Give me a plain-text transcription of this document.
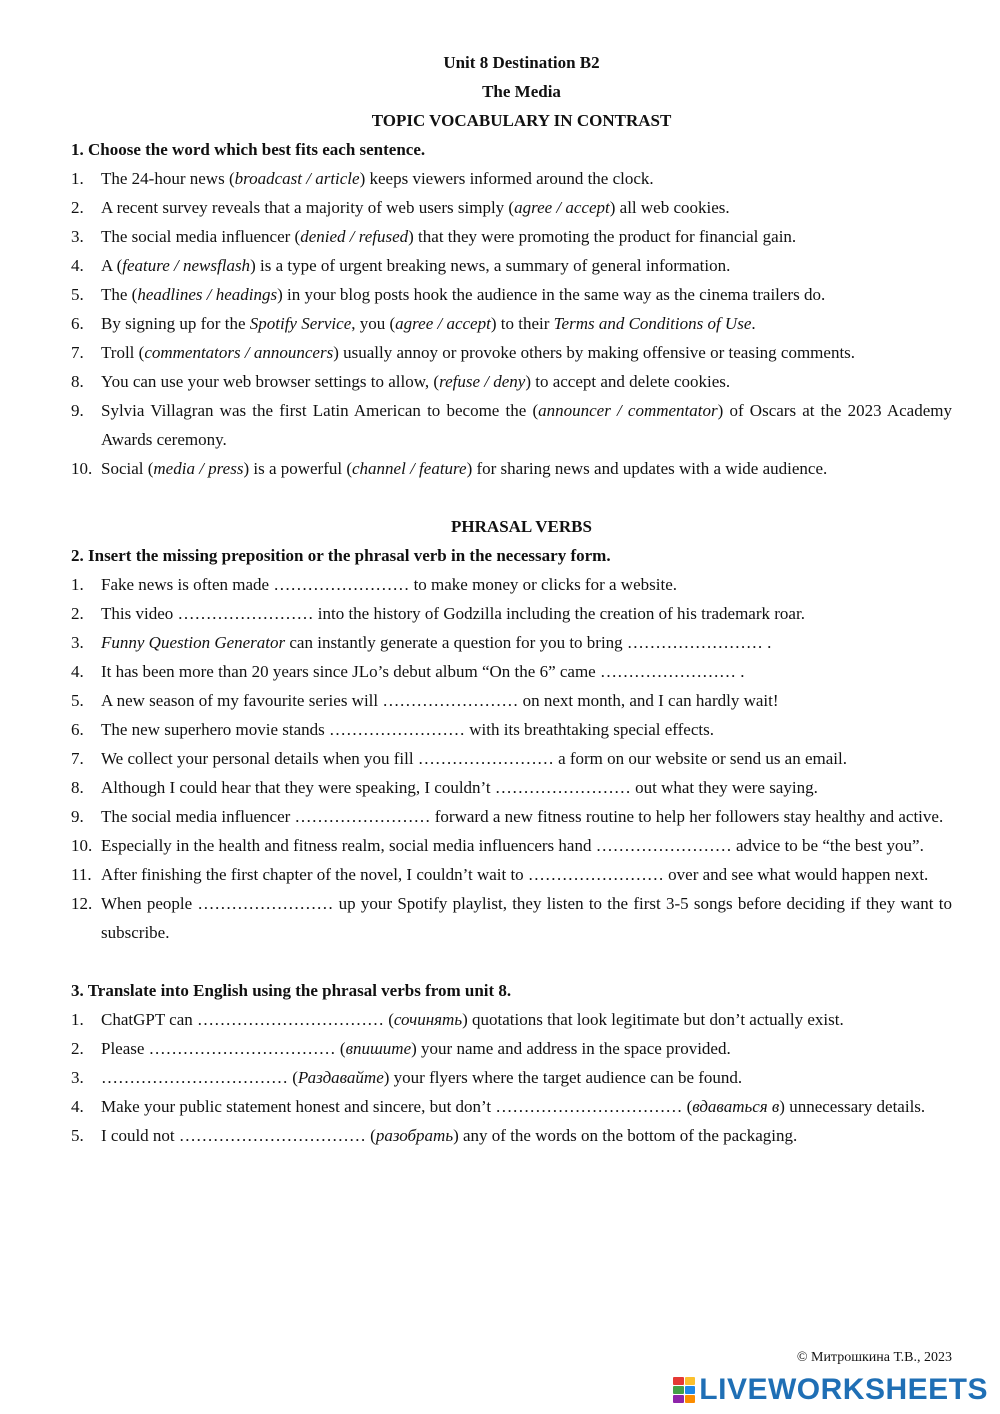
Unit 8 Destination B2
The Media
TOPIC VOCABULARY IN CONTRAST
1. Choose the word which best fits each sentence.
1. The 24-hour news (broadcast / article) keeps viewers informed around the clock.
2. A recent survey reveals that a majority of web users simply (agree / accept) all web cookies.
3. The social media influencer (denied / refused) that they were promoting the product for financial gain.
4. A (feature / newsflash) is a type of urgent breaking news, a summary of general information.
5. The (headlines / headings) in your blog posts hook the audience in the same way as the cinema trailers do.
6. By signing up for the Spotify Service, you (agree / accept) to their Terms and Conditions of Use.
7. Troll (commentators / announcers) usually annoy or provoke others by making offensive or teasing comments.
8. You can use your web browser settings to allow, (refuse / deny) to accept and delete cookies.
9. Sylvia Villagran was the first Latin American to become the (announcer / commentator) of Oscars at the 2023 Academy Awards ceremony.
10. Social (media / press) is a powerful (channel / feature) for sharing news and updates with a wide audience.
PHRASAL VERBS
2. Insert the missing preposition or the phrasal verb in the necessary form.
1. Fake news is often made …………………… to make money or clicks for a website.
2. This video …………………… into the history of Godzilla including the creation of his trademark roar.
3. Funny Question Generator can instantly generate a question for you to bring …………………… .
4. It has been more than 20 years since JLo’s debut album “On the 6” came …………………… .
5. A new season of my favourite series will …………………… on next month, and I can hardly wait!
6. The new superhero movie stands …………………… with its breathtaking special effects.
7. We collect your personal details when you fill …………………… a form on our website or send us an email.
8. Although I could hear that they were speaking, I couldn’t …………………… out what they were saying.
9. The social media influencer …………………… forward a new fitness routine to help her followers stay healthy and active.
10. Especially in the health and fitness realm, social media influencers hand …………………… advice to be “the best you”.
11. After finishing the first chapter of the novel, I couldn’t wait to …………………… over and see what would happen next.
12. When people …………………… up your Spotify playlist, they listen to the first 3-5 songs before deciding if they want to subscribe.
3. Translate into English using the phrasal verbs from unit 8.
1. ChatGPT can …………………………… (сочинять) quotations that look legitimate but don’t actually exist.
2. Please …………………………… (впишите) your name and address in the space provided.
3. …………………………… (Раздавайте) your flyers where the target audience can be found.
4. Make your public statement honest and sincere, but don’t …………………………… (вдаваться в) unnecessary details.
5. I could not …………………………… (разобрать) any of the words on the bottom of the packaging.
© Митрошкина Т.В., 2023
LIVEWORKSHEETS
